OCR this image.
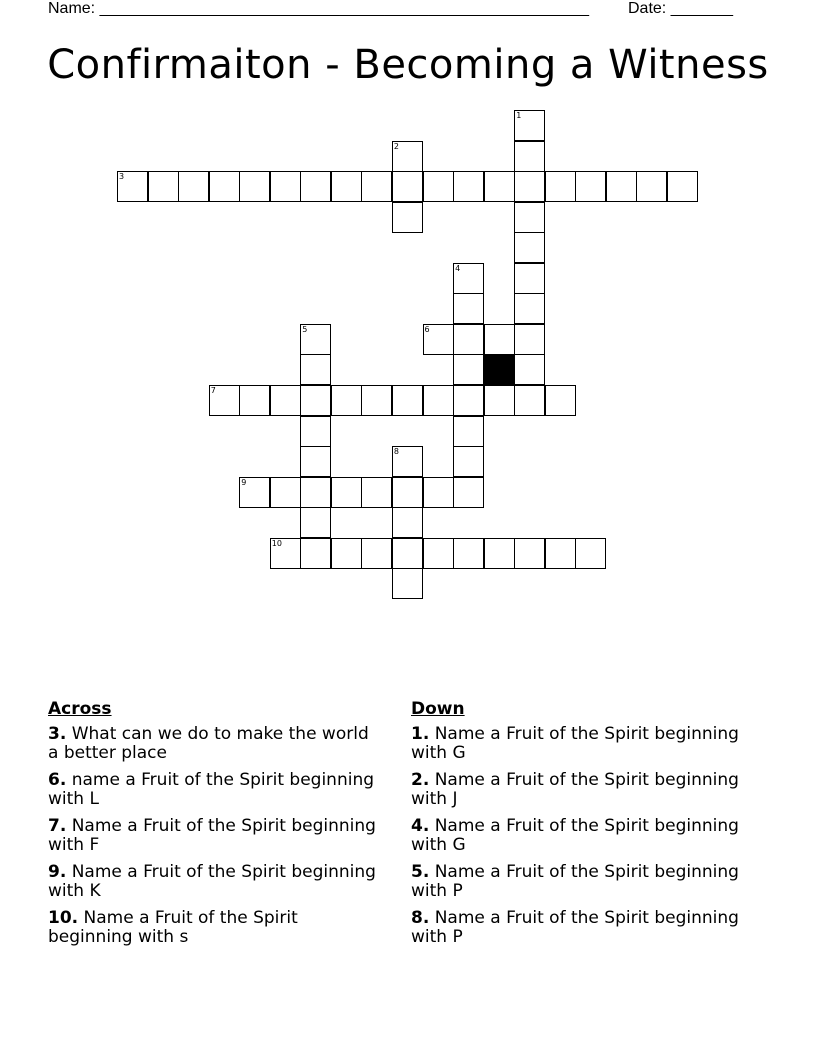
Name: _______________________________________________________

Date: _______

Confirmaiton - Becoming a Witness
1
2
3
4
5	6
7
8
9
10
Across
3. What can we do to make the world a better place
6. name a Fruit of the Spirit beginning with L
7. Name a Fruit of the Spirit beginning with F
9. Name a Fruit of the Spirit beginning with K
10. Name a Fruit of the Spirit beginning with s
Down
1. Name a Fruit of the Spirit beginning with G
2. Name a Fruit of the Spirit beginning with J
4. Name a Fruit of the Spirit beginning with G
5. Name a Fruit of the Spirit beginning with P
8. Name a Fruit of the Spirit beginning with P
